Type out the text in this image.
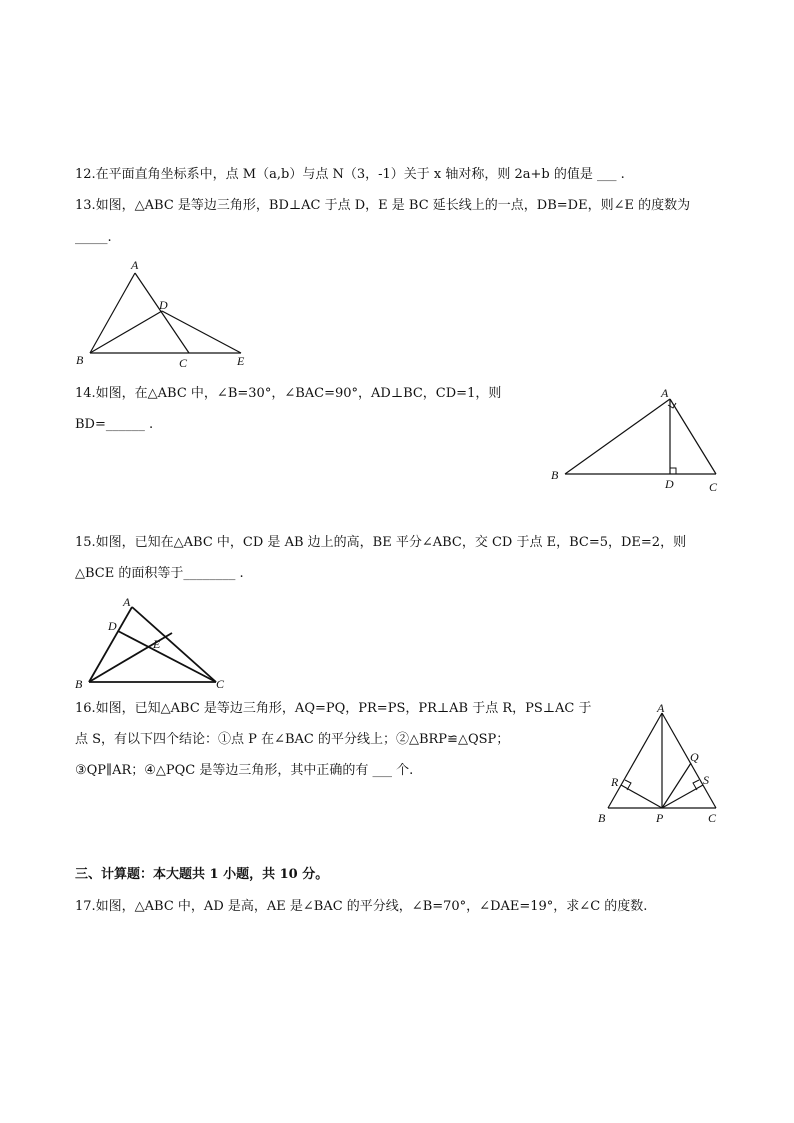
12.在平面直角坐标系中，点 M（a,b）与点 N（3，-1）关于 x 轴对称，则 2a+b 的值是 ___ .
13.如图，△ABC 是等边三角形，BD⊥AC 于点 D，E 是 BC 延长线上的一点，DB=DE，则∠E 的度数为
_____.
A
B	C
D
E
14.如图，在△ABC 中，∠B=30°，∠BAC=90°，AD⊥BC，CD=1，则
BD=______ .
A
B
C
D
15.如图，已知在△ABC 中，CD 是 AB 边上的高，BE 平分∠ABC，交 CD 于点 E，BC=5，DE=2，则
△BCE 的面积等于________ .
A
B	C
D
E
16.如图，已知△ABC 是等边三角形，AQ=PQ，PR=PS，PR⊥AB 于点 R，PS⊥AC 于
点 S，有以下四个结论：①点 P 在∠BAC 的平分线上；②△BRP≌△QSP；
③QP∥AR；④△PQC 是等边三角形，其中正确的有 ___ 个.
A
B	C
P
Q
R	S
三、计算题：本大题共 1 小题，共 10 分。
17.如图，△ABC 中，AD 是高，AE 是∠BAC 的平分线，∠B=70°，∠DAE=19°，求∠C 的度数.
